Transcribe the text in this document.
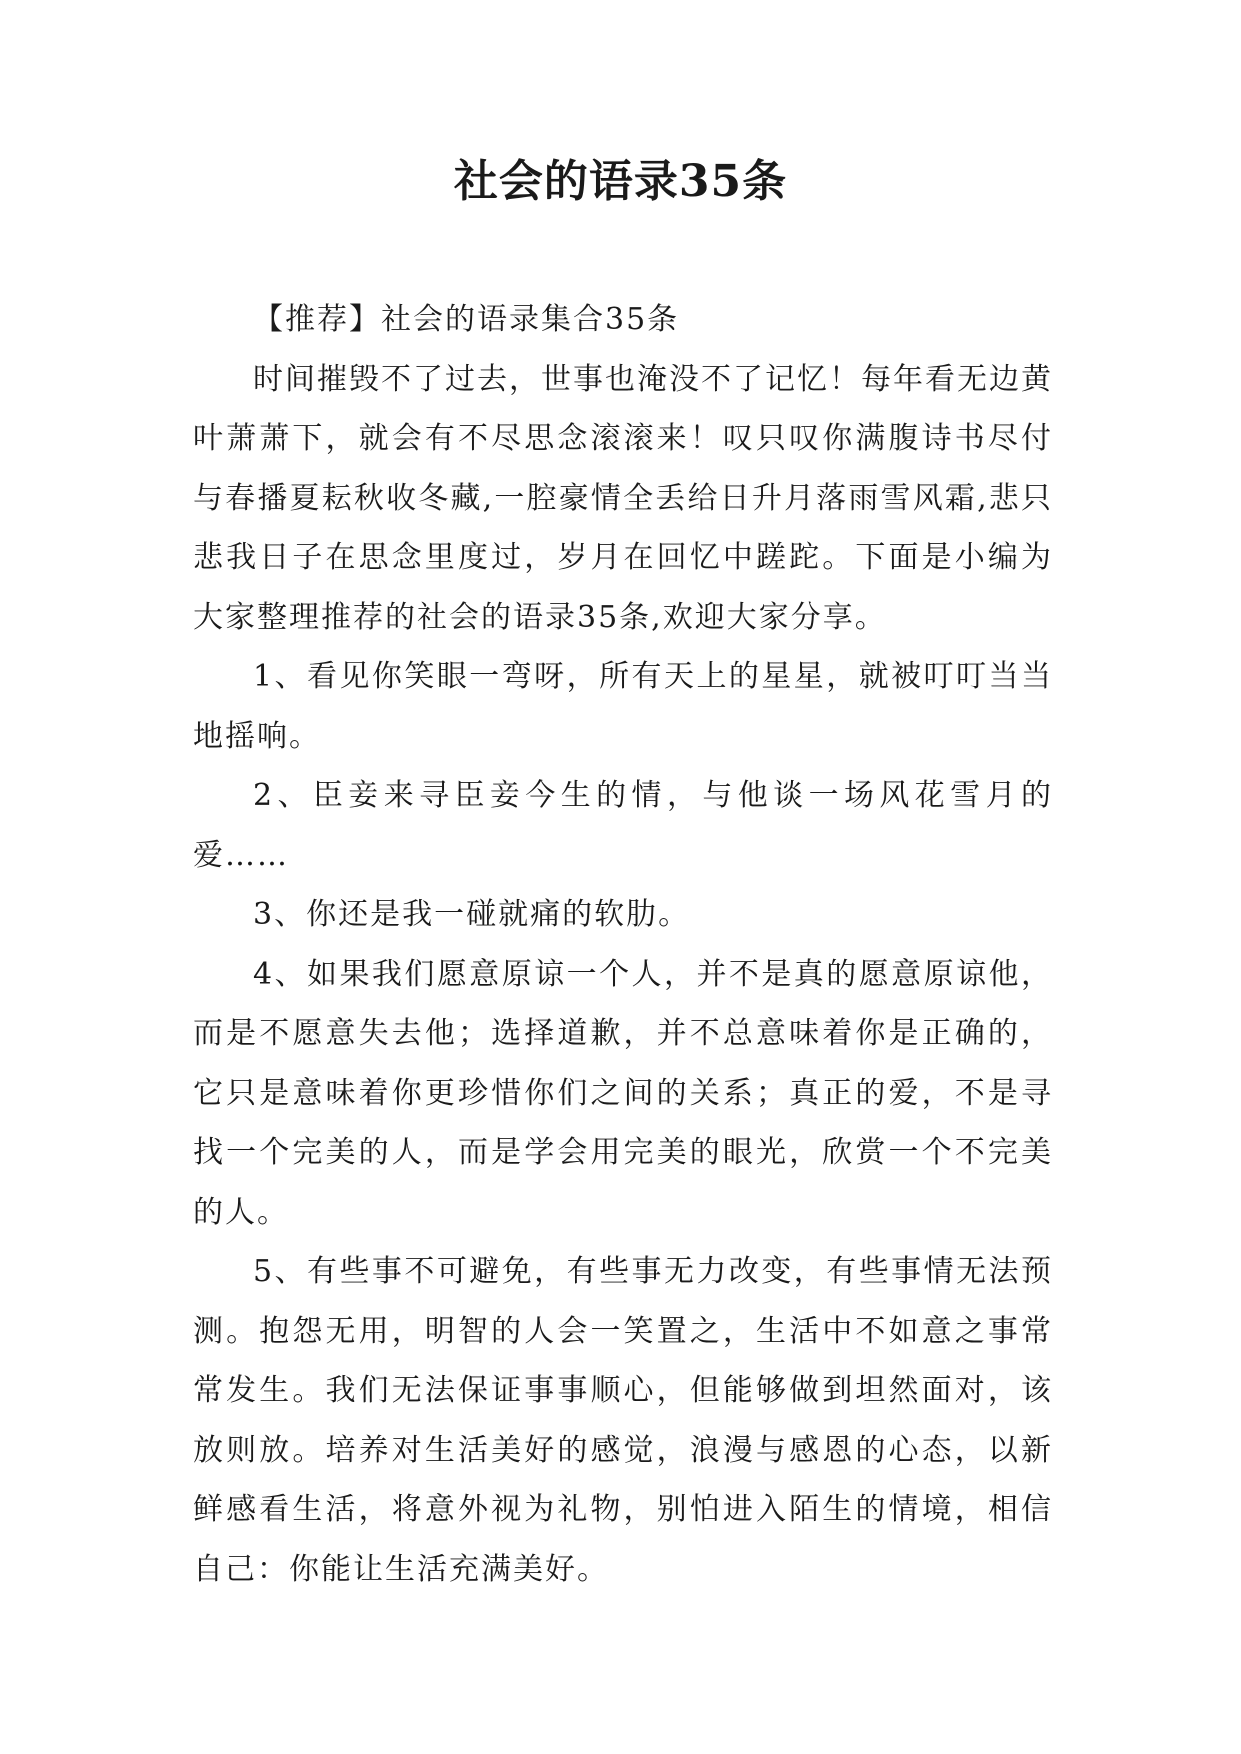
社会的语录35条

【推荐】社会的语录集合35条

时间摧毁不了过去，世事也淹没不了记忆！每年看无边黄叶萧萧下，就会有不尽思念滚滚来！叹只叹你满腹诗书尽付与春播夏耘秋收冬藏,一腔豪情全丢给日升月落雨雪风霜,悲只悲我日子在思念里度过，岁月在回忆中蹉跎。下面是小编为大家整理推荐的社会的语录35条,欢迎大家分享。

1、看见你笑眼一弯呀，所有天上的星星，就被叮叮当当地摇响。

2、臣妾来寻臣妾今生的情，与他谈一场风花雪月的爱……

3、你还是我一碰就痛的软肋。

4、如果我们愿意原谅一个人，并不是真的愿意原谅他，而是不愿意失去他；选择道歉，并不总意味着你是正确的，它只是意味着你更珍惜你们之间的关系；真正的爱，不是寻找一个完美的人，而是学会用完美的眼光，欣赏一个不完美的人。

5、有些事不可避免，有些事无力改变，有些事情无法预测。抱怨无用，明智的人会一笑置之，生活中不如意之事常常发生。我们无法保证事事顺心，但能够做到坦然面对，该放则放。培养对生活美好的感觉，浪漫与感恩的心态，以新鲜感看生活，将意外视为礼物，别怕进入陌生的情境，相信自己：你能让生活充满美好。
